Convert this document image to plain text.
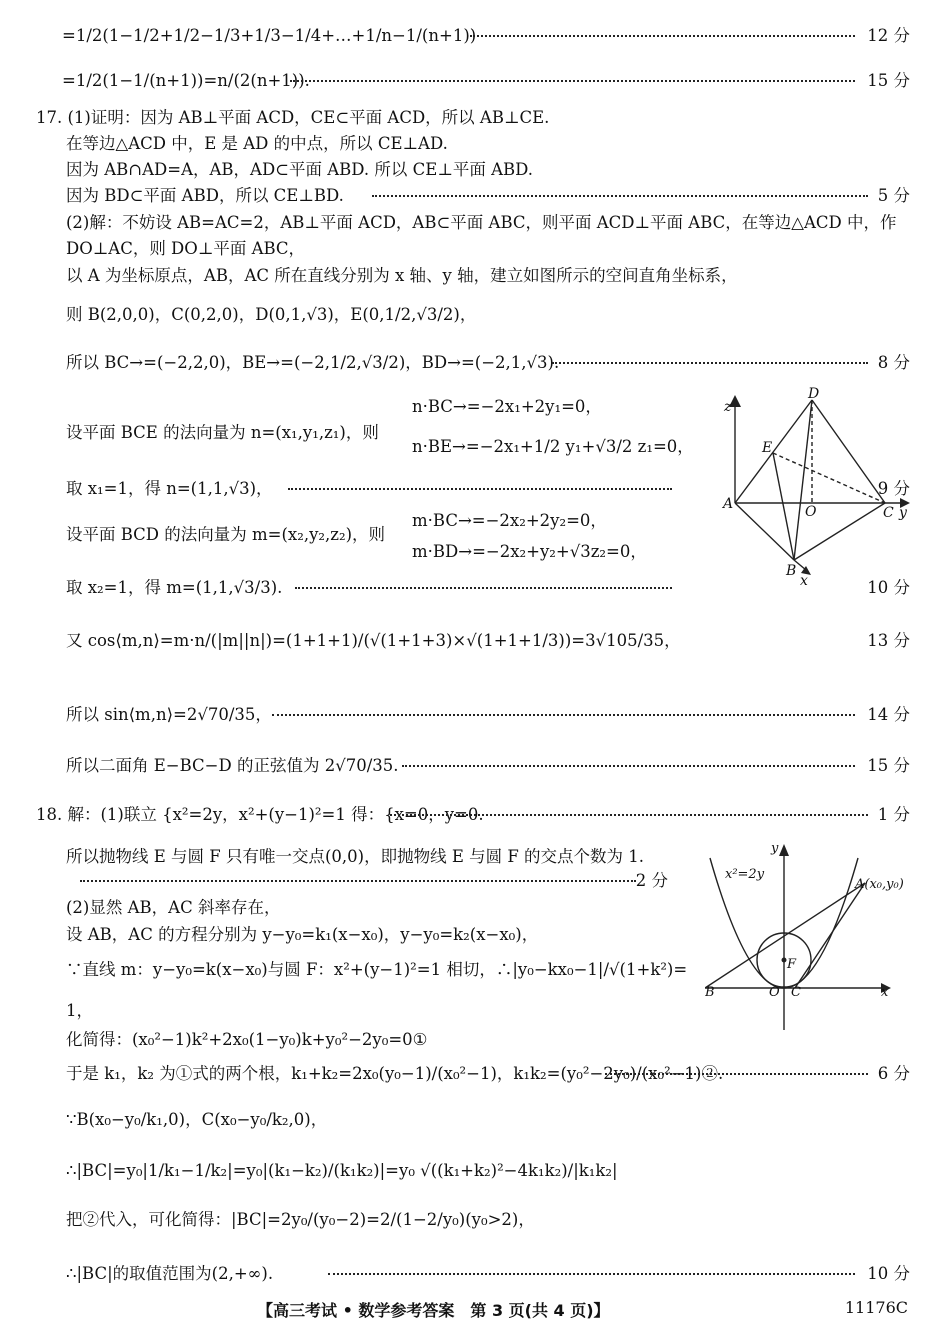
=1/2(1−1/2+1/2−1/3+1/3−1/4+…+1/n−1/(n+1))	12 分
=1/2(1−1/(n+1))=n/(2(n+1)).	15 分
17. (1)证明：因为 AB⊥平面 ACD，CE⊂平面 ACD，所以 AB⊥CE.
在等边△ACD 中，E 是 AD 的中点，所以 CE⊥AD.
因为 AB∩AD=A，AB，AD⊂平面 ABD. 所以 CE⊥平面 ABD.
因为 BD⊂平面 ABD，所以 CE⊥BD.	5 分
(2)解：不妨设 AB=AC=2，AB⊥平面 ACD，AB⊂平面 ABC，则平面 ACD⊥平面 ABC，在等边△ACD 中，作
DO⊥AC，则 DO⊥平面 ABC，
以 A 为坐标原点，AB，AC 所在直线分别为 x 轴、y 轴，建立如图所示的空间直角坐标系，
则 B(2,0,0)，C(0,2,0)，D(0,1,√3)，E(0,1/2,√3/2)，
所以 BC→=(−2,2,0)，BE→=(−2,1/2,√3/2)，BD→=(−2,1,√3).	8 分
设平面 BCE 的法向量为 n=(x₁,y₁,z₁)，则
n·BC→=−2x₁+2y₁=0，
n·BE→=−2x₁+1/2 y₁+√3/2 z₁=0，
取 x₁=1，得 n=(1,1,√3)，	9 分
设平面 BCD 的法向量为 m=(x₂,y₂,z₂)，则
m·BC→=−2x₂+2y₂=0，
m·BD→=−2x₂+y₂+√3z₂=0，
取 x₂=1，得 m=(1,1,√3/3).	10 分
又 cos⟨m,n⟩=m·n/(|m||n|)=(1+1+1)/(√(1+1+3)×√(1+1+1/3))=3√105/35，	13 分
所以 sin⟨m,n⟩=2√70/35，	14 分
所以二面角 E−BC−D 的正弦值为 2√70/35.	15 分
18. 解：(1)联立 {x²=2y，x²+(y−1)²=1 得：{x=0，y=0.	1 分
所以抛物线 E 与圆 F 只有唯一交点(0,0)，即抛物线 E 与圆 F 的交点个数为 1.
2 分
(2)显然 AB，AC 斜率存在，
设 AB，AC 的方程分别为 y−y₀=k₁(x−x₀)，y−y₀=k₂(x−x₀)，
∵直线 m：y−y₀=k(x−x₀)与圆 F：x²+(y−1)²=1 相切，∴|y₀−kx₀−1|/√(1+k²)=
1，
化简得：(x₀²−1)k²+2x₀(1−y₀)k+y₀²−2y₀=0①
于是 k₁，k₂ 为①式的两个根，k₁+k₂=2x₀(y₀−1)/(x₀²−1)，k₁k₂=(y₀²−2y₀)/(x₀²−1)②.	6 分
∵B(x₀−y₀/k₁,0)，C(x₀−y₀/k₂,0)，
∴|BC|=y₀|1/k₁−1/k₂|=y₀|(k₁−k₂)/(k₁k₂)|=y₀ √((k₁+k₂)²−4k₁k₂)/|k₁k₂|
把②代入，可化简得：|BC|=2y₀/(y₀−2)=2/(1−2/y₀)(y₀>2)，
∴|BC|的取值范围为(2,+∞).	10 分
z
D
E
A	O	C y
B
x
y
x²=2y
A(x₀,y₀)
F
B	O C	x
【高三考试 • 数学参考答案　第 3 页(共 4 页)】	11176C
